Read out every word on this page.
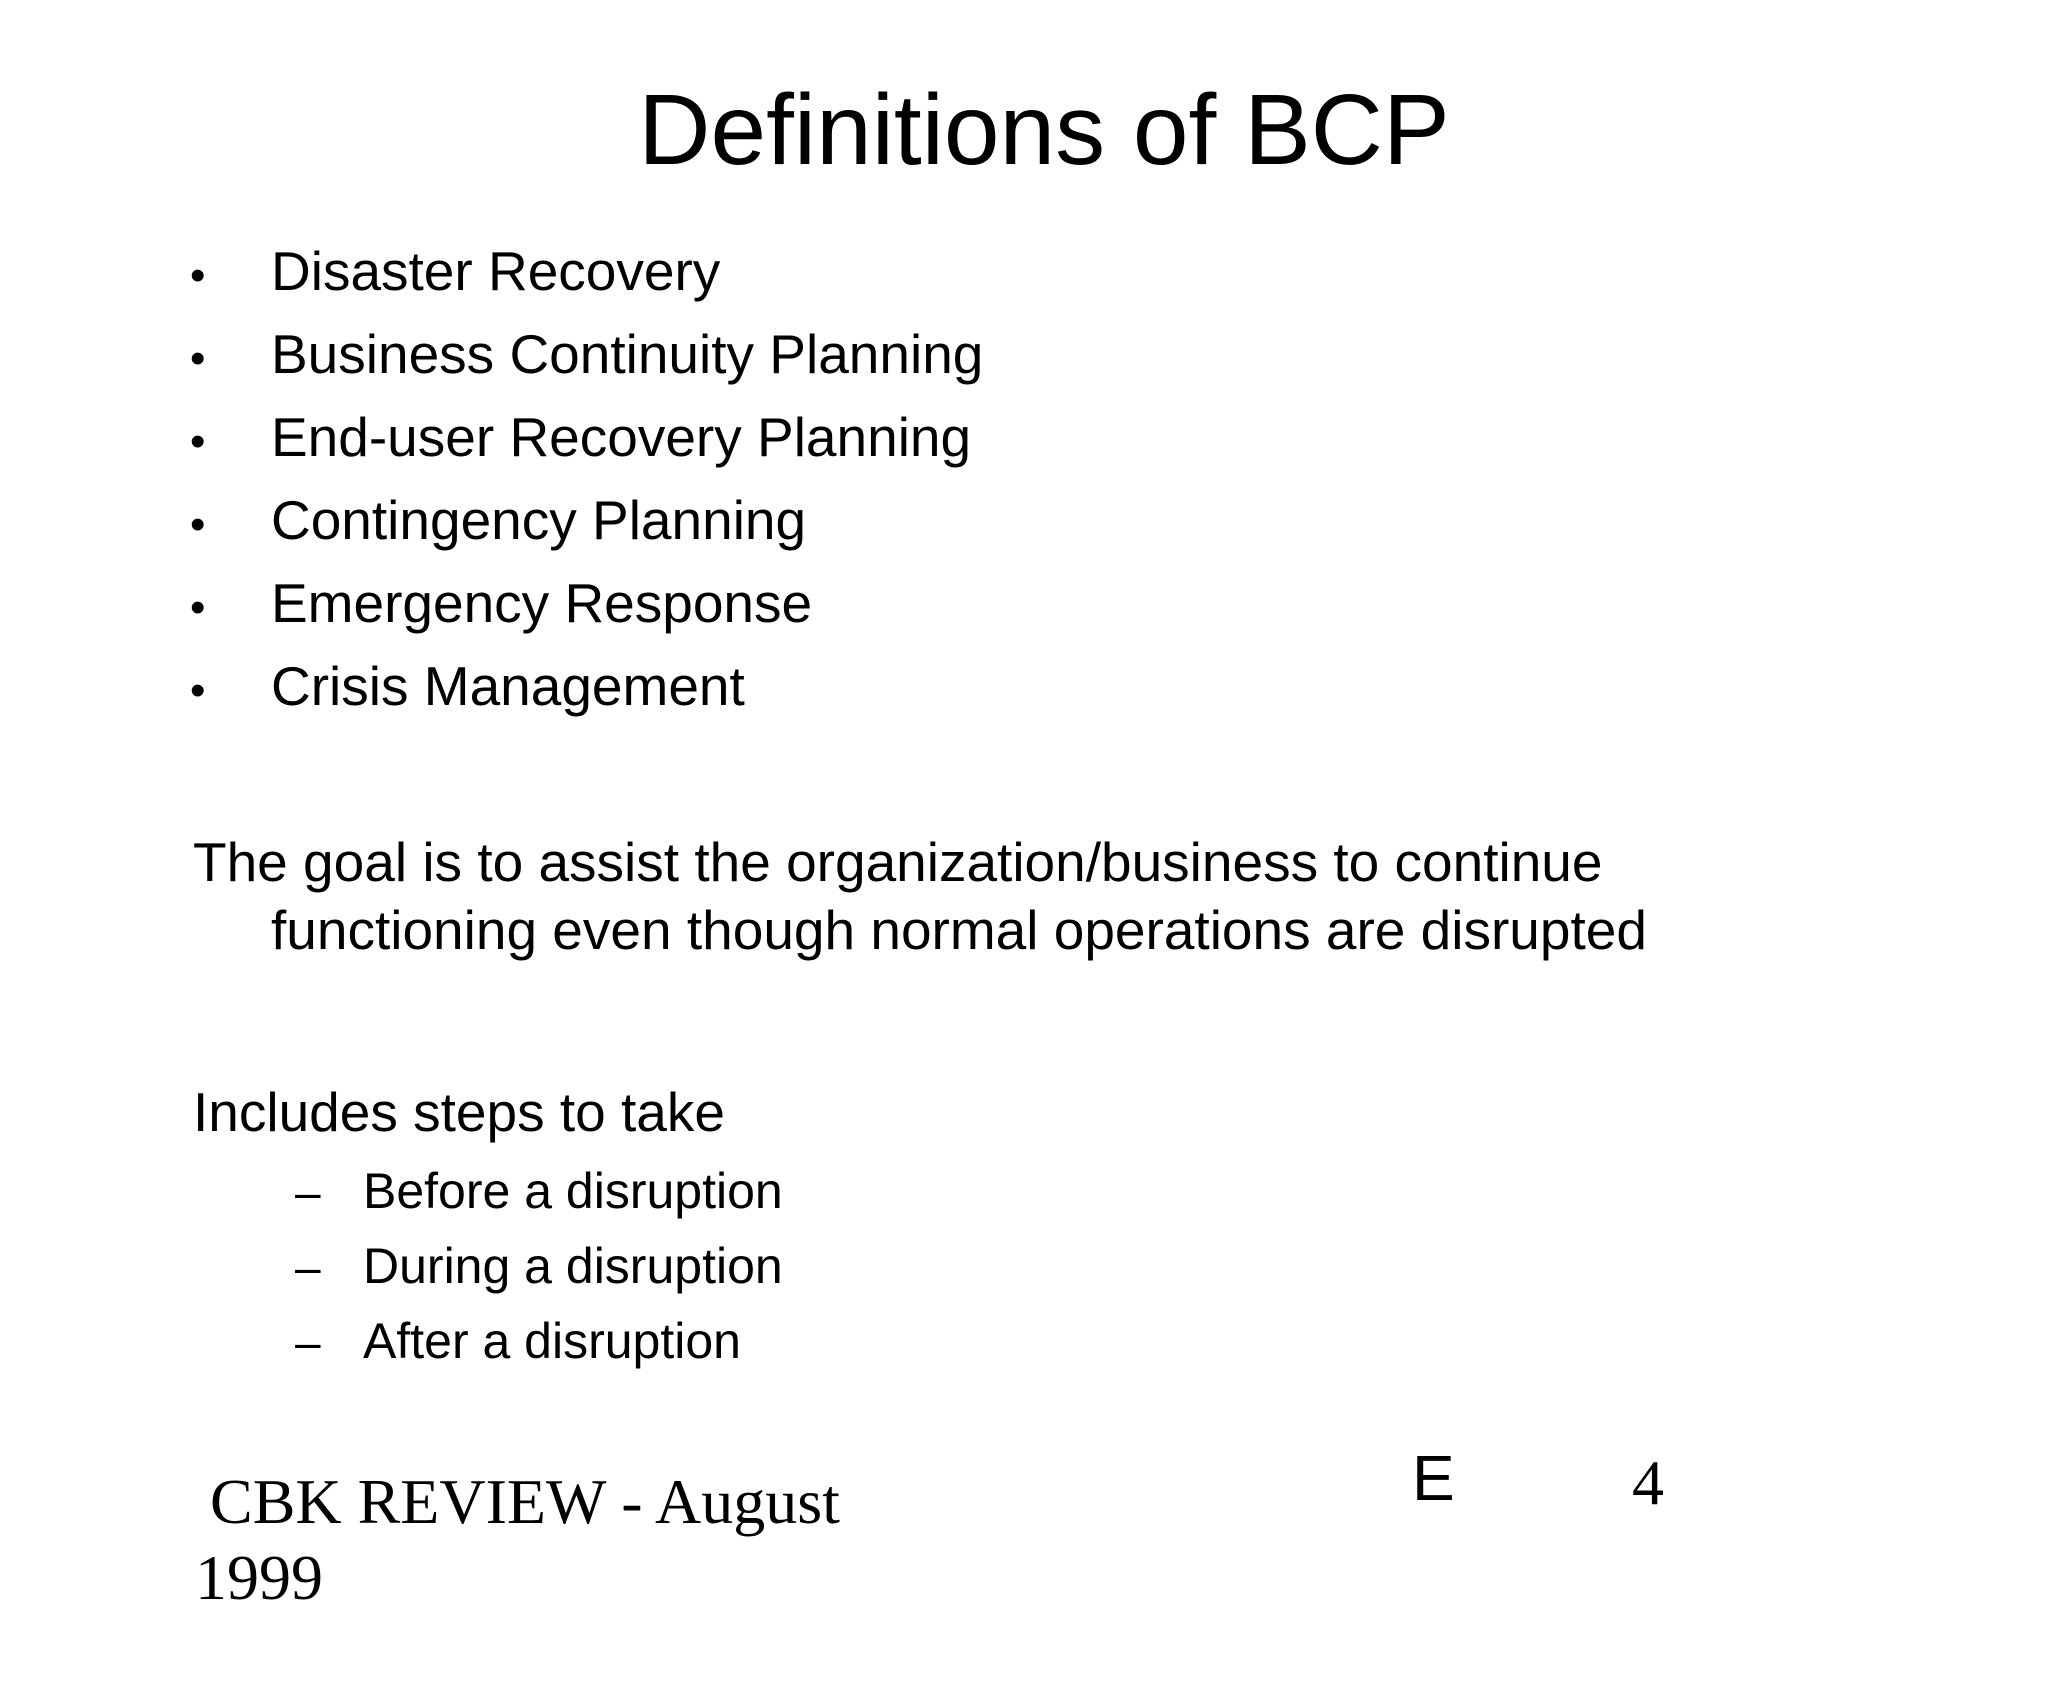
Definitions of BCP
•	Disaster Recovery
•	Business Continuity Planning
•	End-user Recovery Planning
•	Contingency Planning
•	Emergency Response
•	Crisis Management
The goal is to assist the organization/business to continue
functioning even though normal operations are disrupted
Includes steps to take
– Before a disruption
– During a disruption
– After a disruption

CBK REVIEW - August

1999

E	4
